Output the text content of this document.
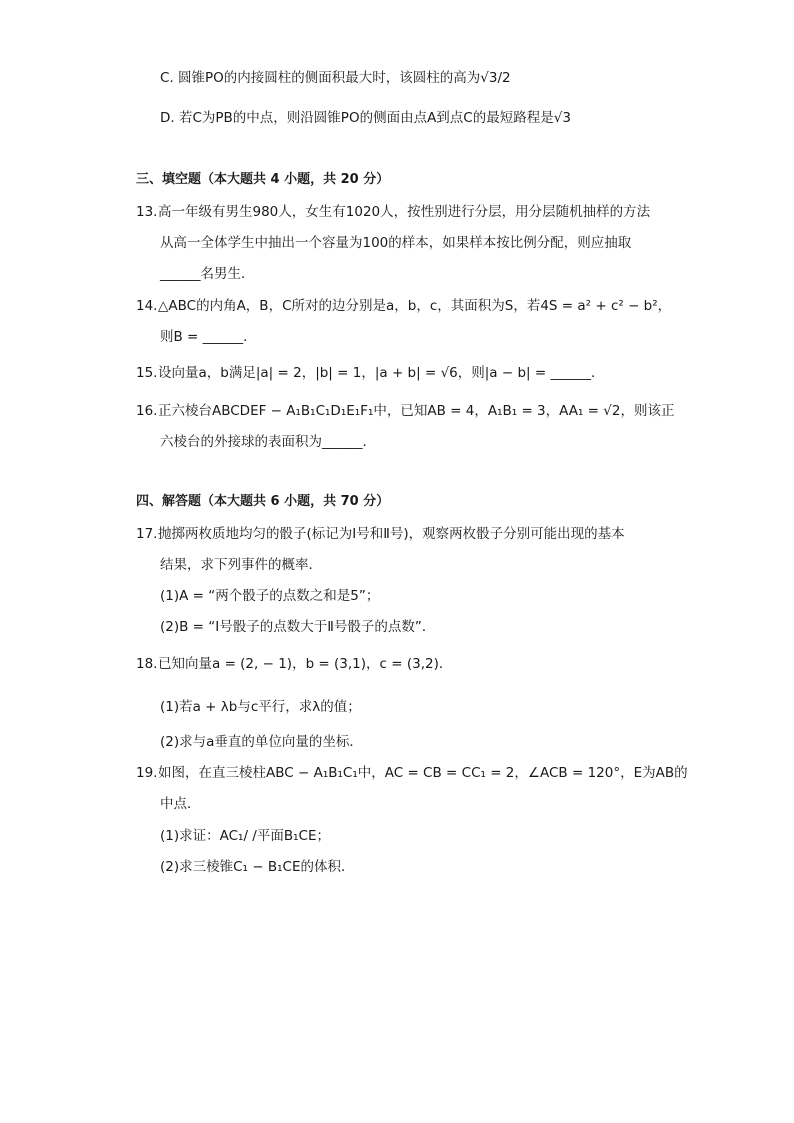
C. 圆锥PO的内接圆柱的侧面积最大时，该圆柱的高为√3/2
D. 若C为PB的中点，则沿圆锥PO的侧面由点A到点C的最短路程是√3
三、填空题（本大题共 4 小题，共 20 分）
13.高一年级有男生980人，女生有1020人，按性别进行分层，用分层随机抽样的方法
从高一全体学生中抽出一个容量为100的样本，如果样本按比例分配，则应抽取
______名男生．
14.△ABC的内角A，B，C所对的边分别是a，b，c，其面积为S，若4S = a² + c² − b²，
则B = ______．
15.设向量a，b满足|a| = 2，|b| = 1，|a + b| = √6，则|a − b| = ______．
16.正六棱台ABCDEF − A₁B₁C₁D₁E₁F₁中，已知AB = 4，A₁B₁ = 3，AA₁ = √2，则该正
六棱台的外接球的表面积为______．
四、解答题（本大题共 6 小题，共 70 分）
17.抛掷两枚质地均匀的骰子(标记为Ⅰ号和Ⅱ号)，观察两枚骰子分别可能出现的基本
结果，求下列事件的概率．
(1)A = “两个骰子的点数之和是5”；
(2)B = “Ⅰ号骰子的点数大于Ⅱ号骰子的点数”．
18.已知向量a = (2, − 1)，b = (3,1)，c = (3,2)．
(1)若a + λb与c平行，求λ的值；
(2)求与a垂直的单位向量的坐标．
19.如图，在直三棱柱ABC − A₁B₁C₁中，AC = CB = CC₁ = 2，∠ACB = 120°，E为AB的
中点．
(1)求证：AC₁/ /平面B₁CE；
(2)求三棱锥C₁ − B₁CE的体积．
